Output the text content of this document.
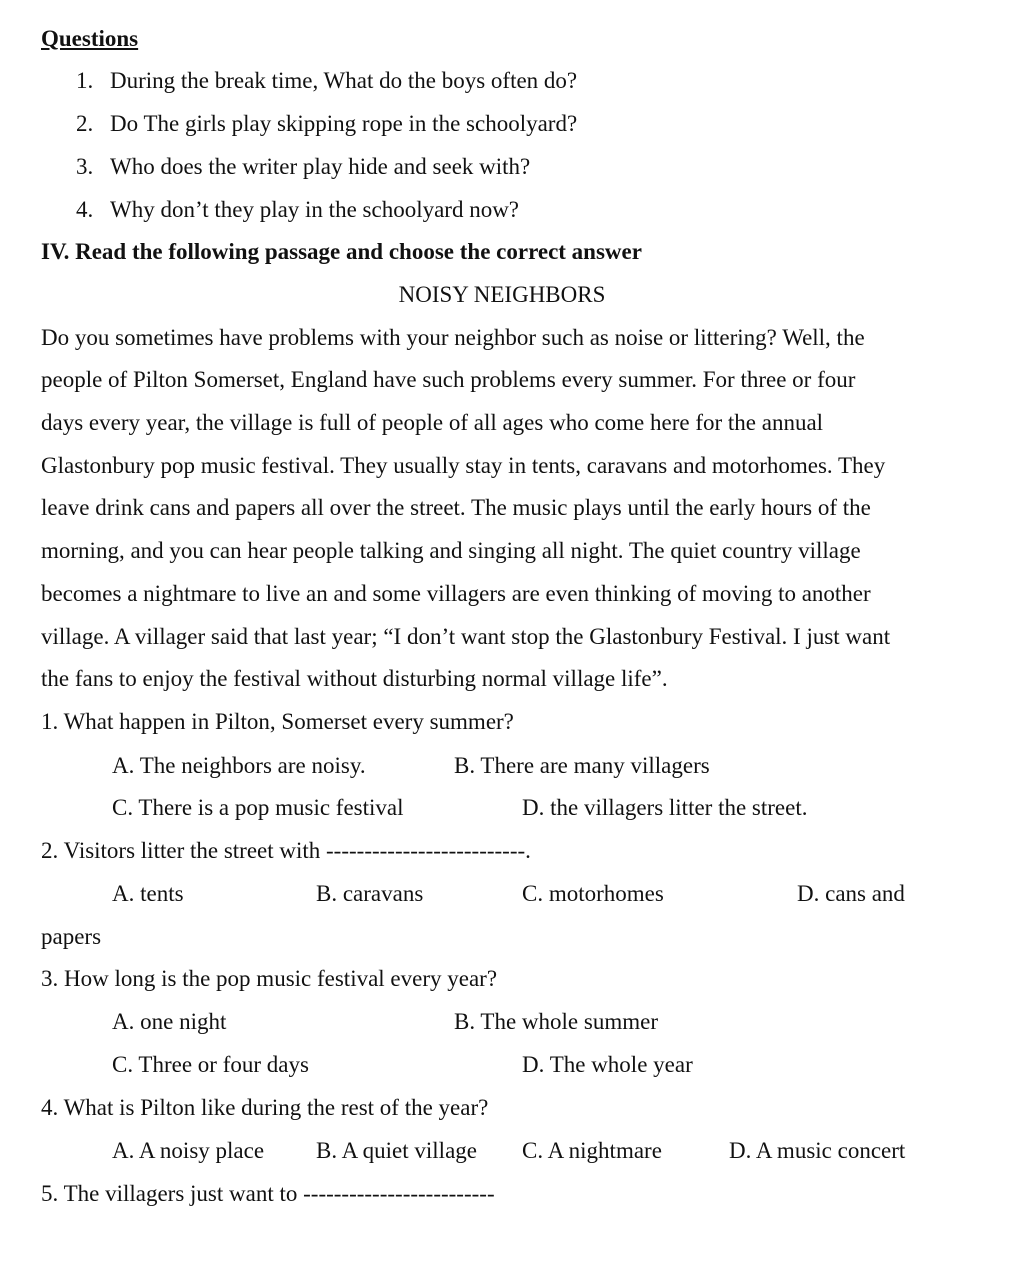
Questions
1. During the break time, What do the boys often do?
2. Do The girls play skipping rope in the schoolyard?
3. Who does the writer play hide and seek with?
4. Why don’t they play in the schoolyard now?
IV. Read the following passage and choose the correct answer
NOISY NEIGHBORS
Do you sometimes have problems with your neighbor such as noise or littering? Well, the
people of Pilton Somerset, England have such problems every summer. For three or four
days every year, the village is full of people of all ages who come here for the annual
Glastonbury pop music festival. They usually stay in tents, caravans and motorhomes. They
leave drink cans and papers all over the street. The music plays until the early hours of the
morning, and you can hear people talking and singing all night. The quiet country village
becomes a nightmare to live an and some villagers are even thinking of moving to another
village. A villager said that last year; “I don’t want stop the Glastonbury Festival. I just want
the fans to enjoy the festival without disturbing normal village life”.
1. What happen in Pilton, Somerset every summer?
A. The neighbors are noisy.	B. There are many villagers
C. There is a pop music festival	D. the villagers litter the street.
2. Visitors litter the street with --------------------------.
A. tents	B. caravans	C. motorhomes	D. cans and
papers
3. How long is the pop music festival every year?
A. one night	B. The whole summer
C. Three or four days	D. The whole year
4. What is Pilton like during the rest of the year?
A. A noisy place B. A quiet village C. A nightmare	D. A music concert
5. The villagers just want to -------------------------
